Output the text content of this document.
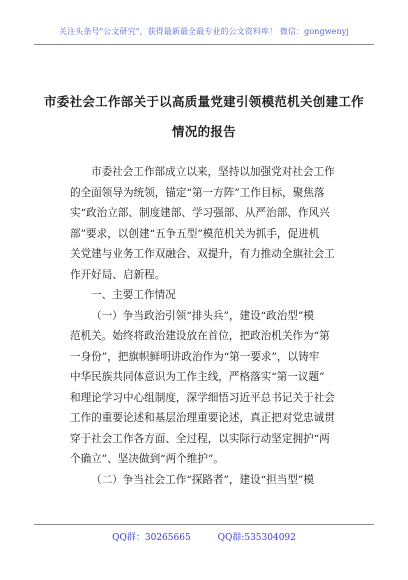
关注头条号"公文研究"，获得最新最全最专业的公文资料库！ 微信：gongwenyj
市委社会工作部关于以高质量党建引领模范机关创建工作
情况的报告
市委社会工作部成立以来，坚持以加强党对社会工作
的全面领导为统领，锚定“第一方阵”工作目标，聚焦落
实“政治立部、制度建部、学习强部、从严治部、作风兴
部”要求，以创建“五争五型”模范机关为抓手，促进机
关党建与业务工作双融合、双提升，有力推动全旗社会工
作开好局、启新程。
一、主要工作情况
（一）争当政治引领“排头兵”，建设“政治型”模
范机关。始终将政治建设放在首位，把政治机关作为“第
一身份”，把旗帜鲜明讲政治作为“第一要求”，以铸牢
中华民族共同体意识为工作主线，严格落实“第一议题”
和理论学习中心组制度，深学细悟习近平总书记关于社会
工作的重要论述和基层治理重要论述，真正把对党忠诚贯
穿于社会工作各方面、全过程，以实际行动坚定拥护“两
个确立”、坚决做到“两个维护”。
（二）争当社会工作“探路者”，建设“担当型”模
QQ群：30265665	QQ群:535304092
